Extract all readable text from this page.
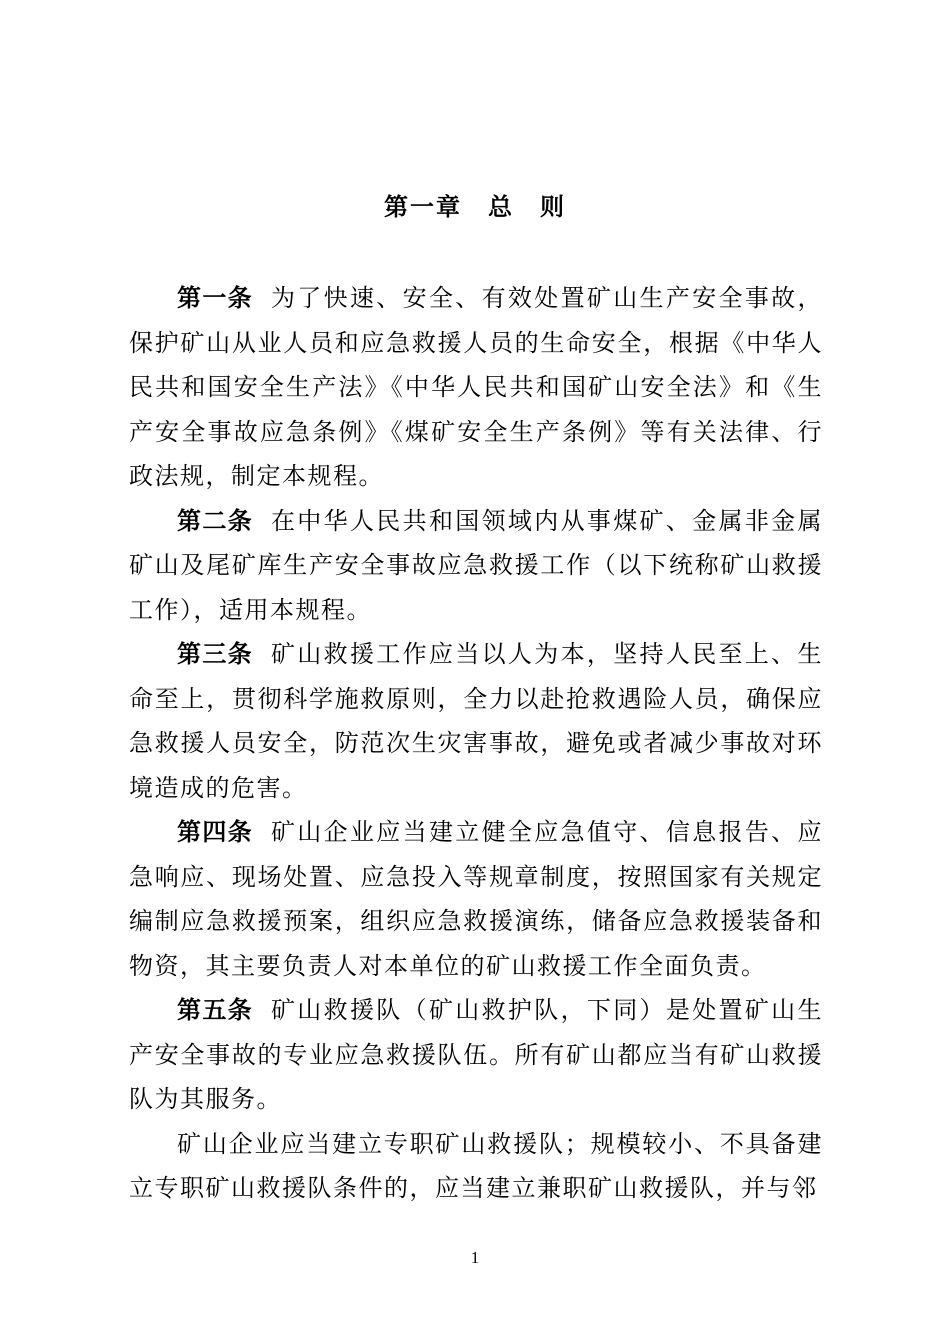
第一章　总　则

第一条 为了快速、安全、有效处置矿山生产安全事故，保护矿山从业人员和应急救援人员的生命安全，根据《中华人民共和国安全生产法》《中华人民共和国矿山安全法》和《生产安全事故应急条例》《煤矿安全生产条例》等有关法律、行政法规，制定本规程。

第二条 在中华人民共和国领域内从事煤矿、金属非金属矿山及尾矿库生产安全事故应急救援工作（以下统称矿山救援工作），适用本规程。

第三条 矿山救援工作应当以人为本，坚持人民至上、生命至上，贯彻科学施救原则，全力以赴抢救遇险人员，确保应急救援人员安全，防范次生灾害事故，避免或者减少事故对环境造成的危害。

第四条 矿山企业应当建立健全应急值守、信息报告、应急响应、现场处置、应急投入等规章制度，按照国家有关规定编制应急救援预案，组织应急救援演练，储备应急救援装备和物资，其主要负责人对本单位的矿山救援工作全面负责。

第五条 矿山救援队（矿山救护队，下同）是处置矿山生产安全事故的专业应急救援队伍。所有矿山都应当有矿山救援队为其服务。

矿山企业应当建立专职矿山救援队；规模较小、不具备建立专职矿山救援队条件的，应当建立兼职矿山救援队，并与邻

1
